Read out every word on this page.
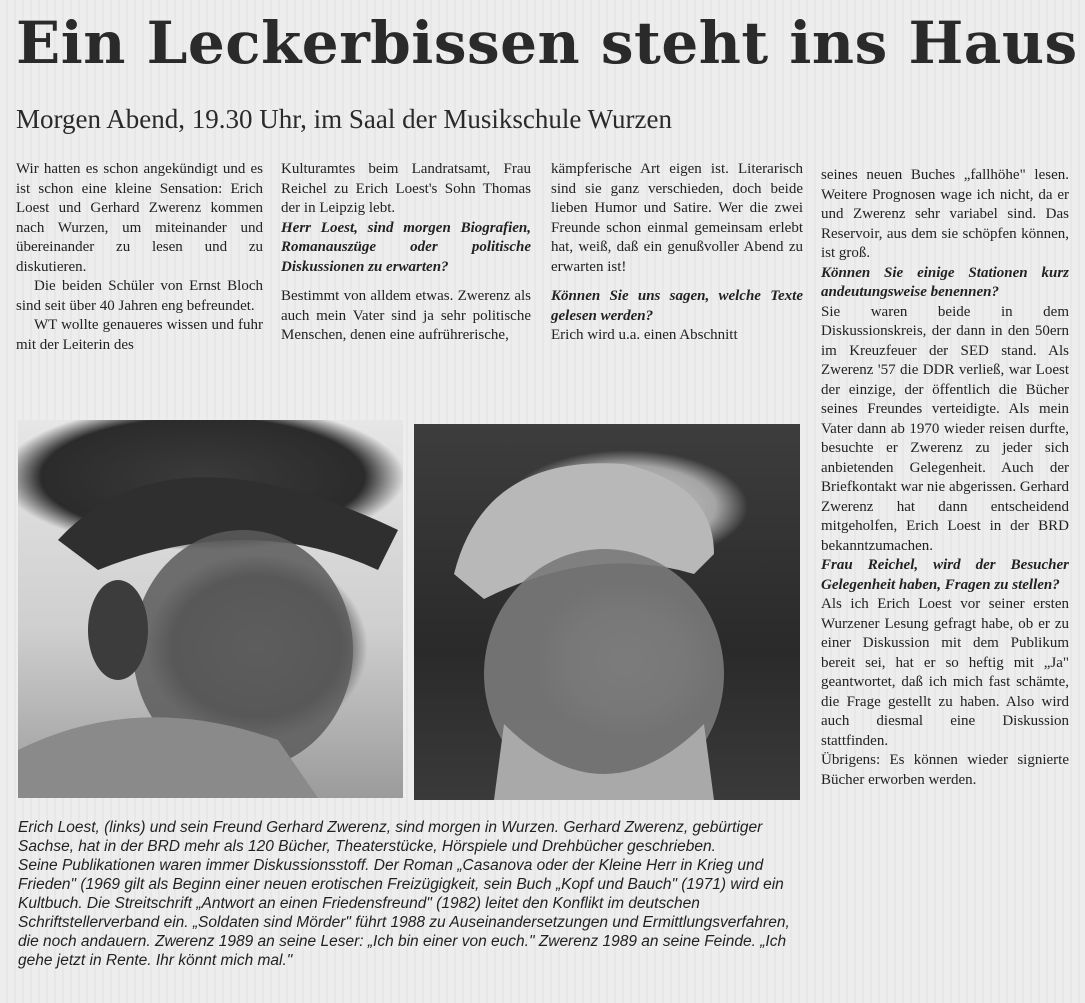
Ein Leckerbissen steht ins Haus
Morgen Abend, 19.30 Uhr, im Saal der Musikschule Wurzen

Wir hatten es schon angekündigt und es ist schon eine kleine Sensation: Erich Loest und Gerhard Zwerenz kommen nach Wurzen, um miteinander und übereinander zu lesen und zu diskutieren.

Die beiden Schüler von Ernst Bloch sind seit über 40 Jahren eng befreundet.

WT wollte genaueres wissen und fuhr mit der Leiterin des

Kulturamtes beim Landratsamt, Frau Reichel zu Erich Loest's Sohn Thomas der in Leipzig lebt.

Herr Loest, sind morgen Biografien, Romanauszüge oder politische Diskussionen zu erwarten?

Bestimmt von alldem etwas. Zwerenz als auch mein Vater sind ja sehr politische Menschen, denen eine aufrührerische,

kämpferische Art eigen ist. Literarisch sind sie ganz verschieden, doch beide lieben Humor und Satire. Wer die zwei Freunde schon einmal gemeinsam erlebt hat, weiß, daß ein genußvoller Abend zu erwarten ist!

Können Sie uns sagen, welche Texte gelesen werden?

Erich wird u.a. einen Abschnitt

seines neuen Buches „fallhöhe" lesen. Weitere Prognosen wage ich nicht, da er und Zwerenz sehr variabel sind. Das Reservoir, aus dem sie schöpfen können, ist groß.

Können Sie einige Stationen kurz andeutungsweise benennen?

Sie waren beide in dem Diskussionskreis, der dann in den 50ern im Kreuzfeuer der SED stand. Als Zwerenz '57 die DDR verließ, war Loest der einzige, der öffentlich die Bücher seines Freundes verteidigte. Als mein Vater dann ab 1970 wieder reisen durfte, besuchte er Zwerenz zu jeder sich anbietenden Gelegenheit. Auch der Briefkontakt war nie abgerissen. Gerhard Zwerenz hat dann entscheidend mitgeholfen, Erich Loest in der BRD bekanntzumachen.

Frau Reichel, wird der Besucher Gelegenheit haben, Fragen zu stellen?

Als ich Erich Loest vor seiner ersten Wurzener Lesung gefragt habe, ob er zu einer Diskussion mit dem Publikum bereit sei, hat er so heftig mit „Ja" geantwortet, daß ich mich fast schämte, die Frage gestellt zu haben. Also wird auch diesmal eine Diskussion stattfinden.

Übrigens: Es können wieder signierte Bücher erworben werden.

Erich Loest, (links) und sein Freund Gerhard Zwerenz, sind morgen in Wurzen. Gerhard Zwerenz, gebürtiger Sachse, hat in der BRD mehr als 120 Bücher, Theaterstücke, Hörspiele und Drehbücher geschrieben.

Seine Publikationen waren immer Diskussionsstoff. Der Roman „Casanova oder der Kleine Herr in Krieg und Frieden" (1969 gilt als Beginn einer neuen erotischen Freizügigkeit, sein Buch „Kopf und Bauch" (1971) wird ein Kultbuch. Die Streitschrift „Antwort an einen Friedensfreund" (1982) leitet den Konflikt im deutschen Schriftstellerverband ein. „Soldaten sind Mörder" führt 1988 zu Auseinandersetzungen und Ermittlungsverfahren, die noch andauern. Zwerenz 1989 an seine Leser: „Ich bin einer von euch." Zwerenz 1989 an seine Feinde. „Ich gehe jetzt in Rente. Ihr könnt mich mal."
